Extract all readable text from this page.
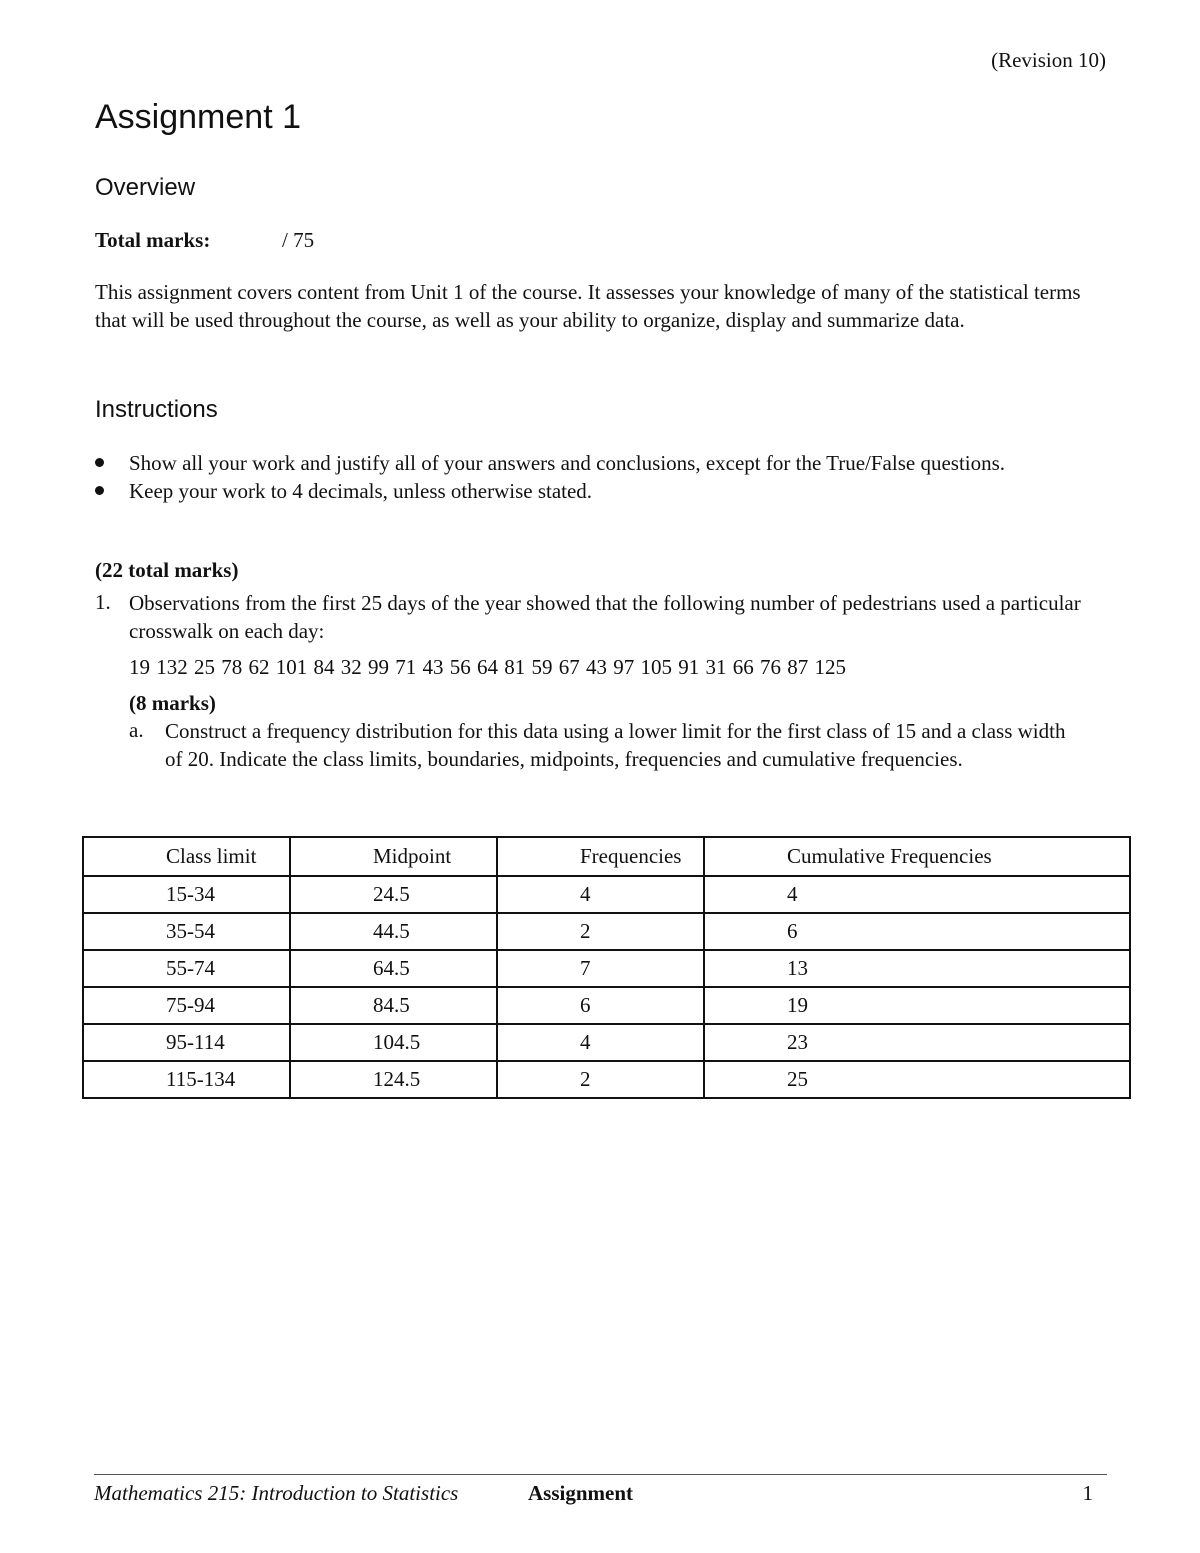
(Revision 10)
Assignment 1
Overview
Total marks:	/ 75

This assignment covers content from Unit 1 of the course. It assesses your knowledge of many of the statistical terms that will be used throughout the course, as well as your ability to organize, display and summarize data.

Instructions
Show all your work and justify all of your answers and conclusions, except for the True/False questions.
Keep your work to 4 decimals, unless otherwise stated.
(22 total marks)
1. Observations from the first 25 days of the year showed that the following number of pedestrians used a particular crosswalk on each day:

19 132 25 78 62 101 84 32 99 71 43 56 64 81 59 67 43 97 105 91 31 66 76 87 125
(8 marks)
a. Construct a frequency distribution for this data using a lower limit for the first class of 15 and a class width of 20. Indicate the class limits, boundaries, midpoints, frequencies and cumulative frequencies.

Class limit	Midpoint	Frequencies	Cumulative Frequencies
15-34	24.5	4	4
35-54	44.5	2	6
55-74	64.5	7	13
75-94	84.5	6	19
95-114	104.5	4	23
115-134	124.5	2	25
Mathematics 215: Introduction to Statistics	Assignment	1
